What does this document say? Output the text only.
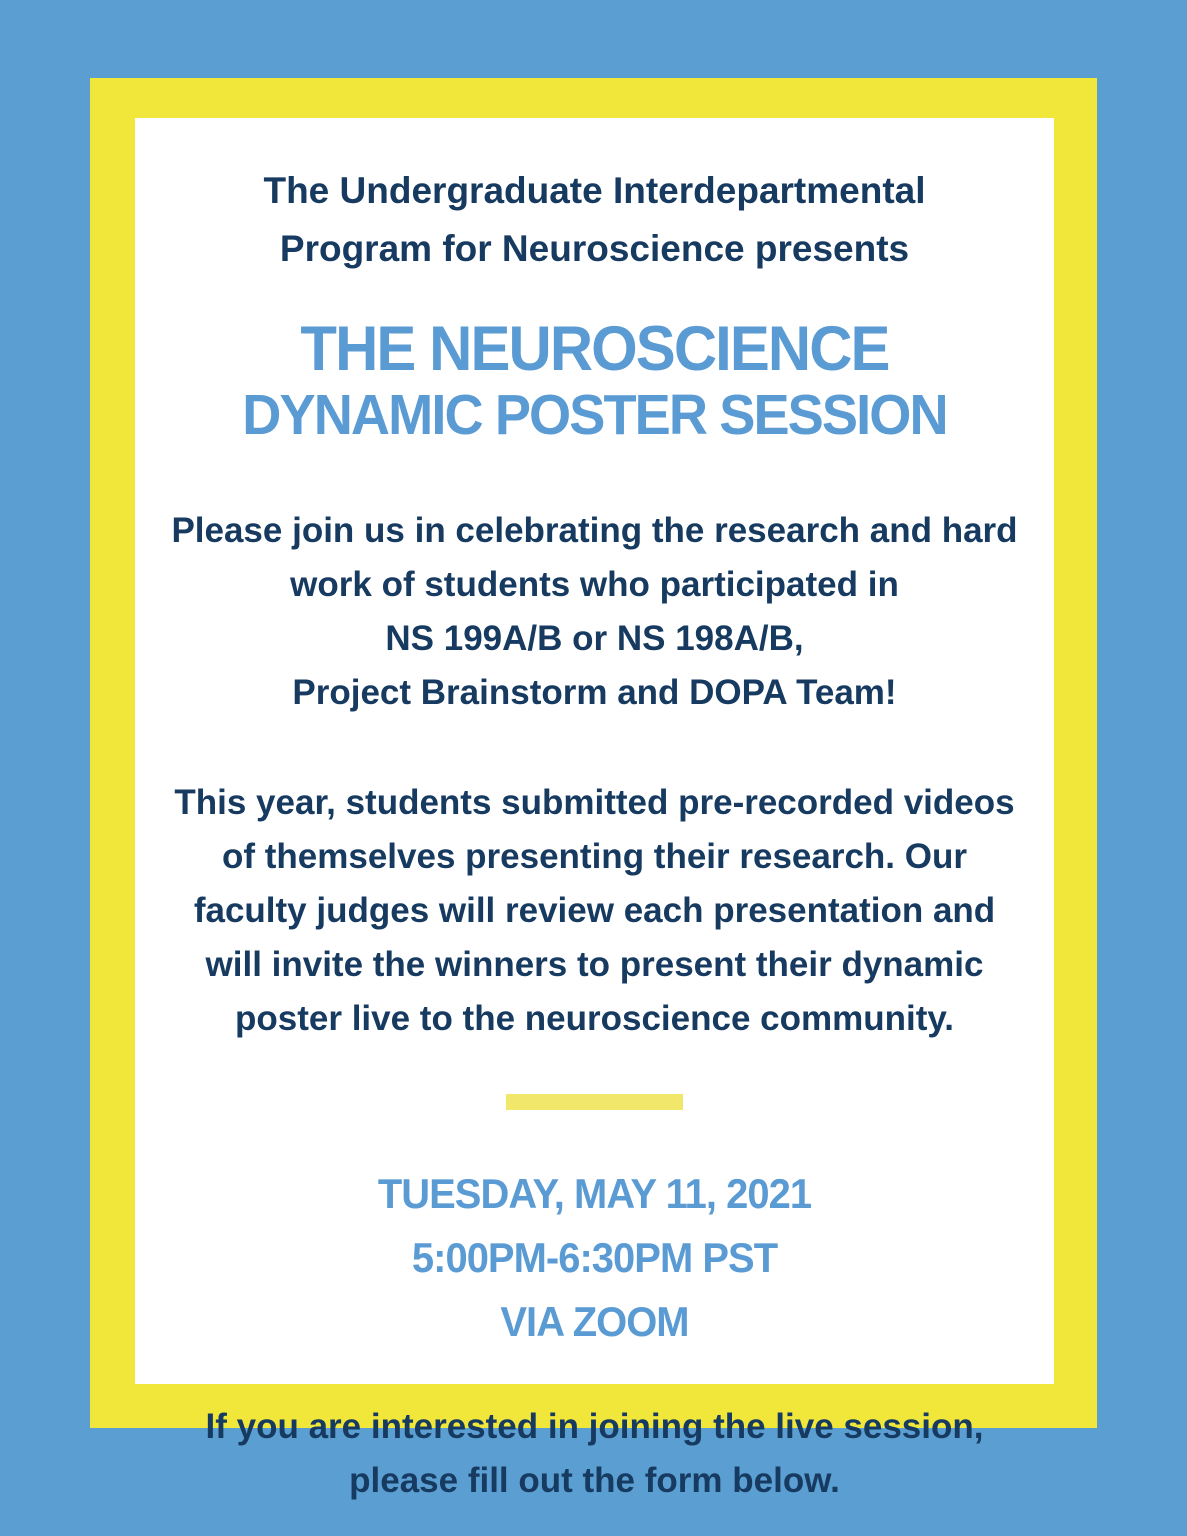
The Undergraduate Interdepartmental
Program for Neuroscience presents
THE NEUROSCIENCE
DYNAMIC POSTER SESSION
Please join us in celebrating the research and hard
work of students who participated in
NS 199A/B or NS 198A/B,
Project Brainstorm and DOPA Team!
This year, students submitted pre-recorded videos
of themselves presenting their research. Our
faculty judges will review each presentation and
will invite the winners to present their dynamic
poster live to the neuroscience community.
TUESDAY, MAY 11, 2021
5:00PM-6:30PM PST
VIA ZOOM
If you are interested in joining the live session,
please fill out the form below.
